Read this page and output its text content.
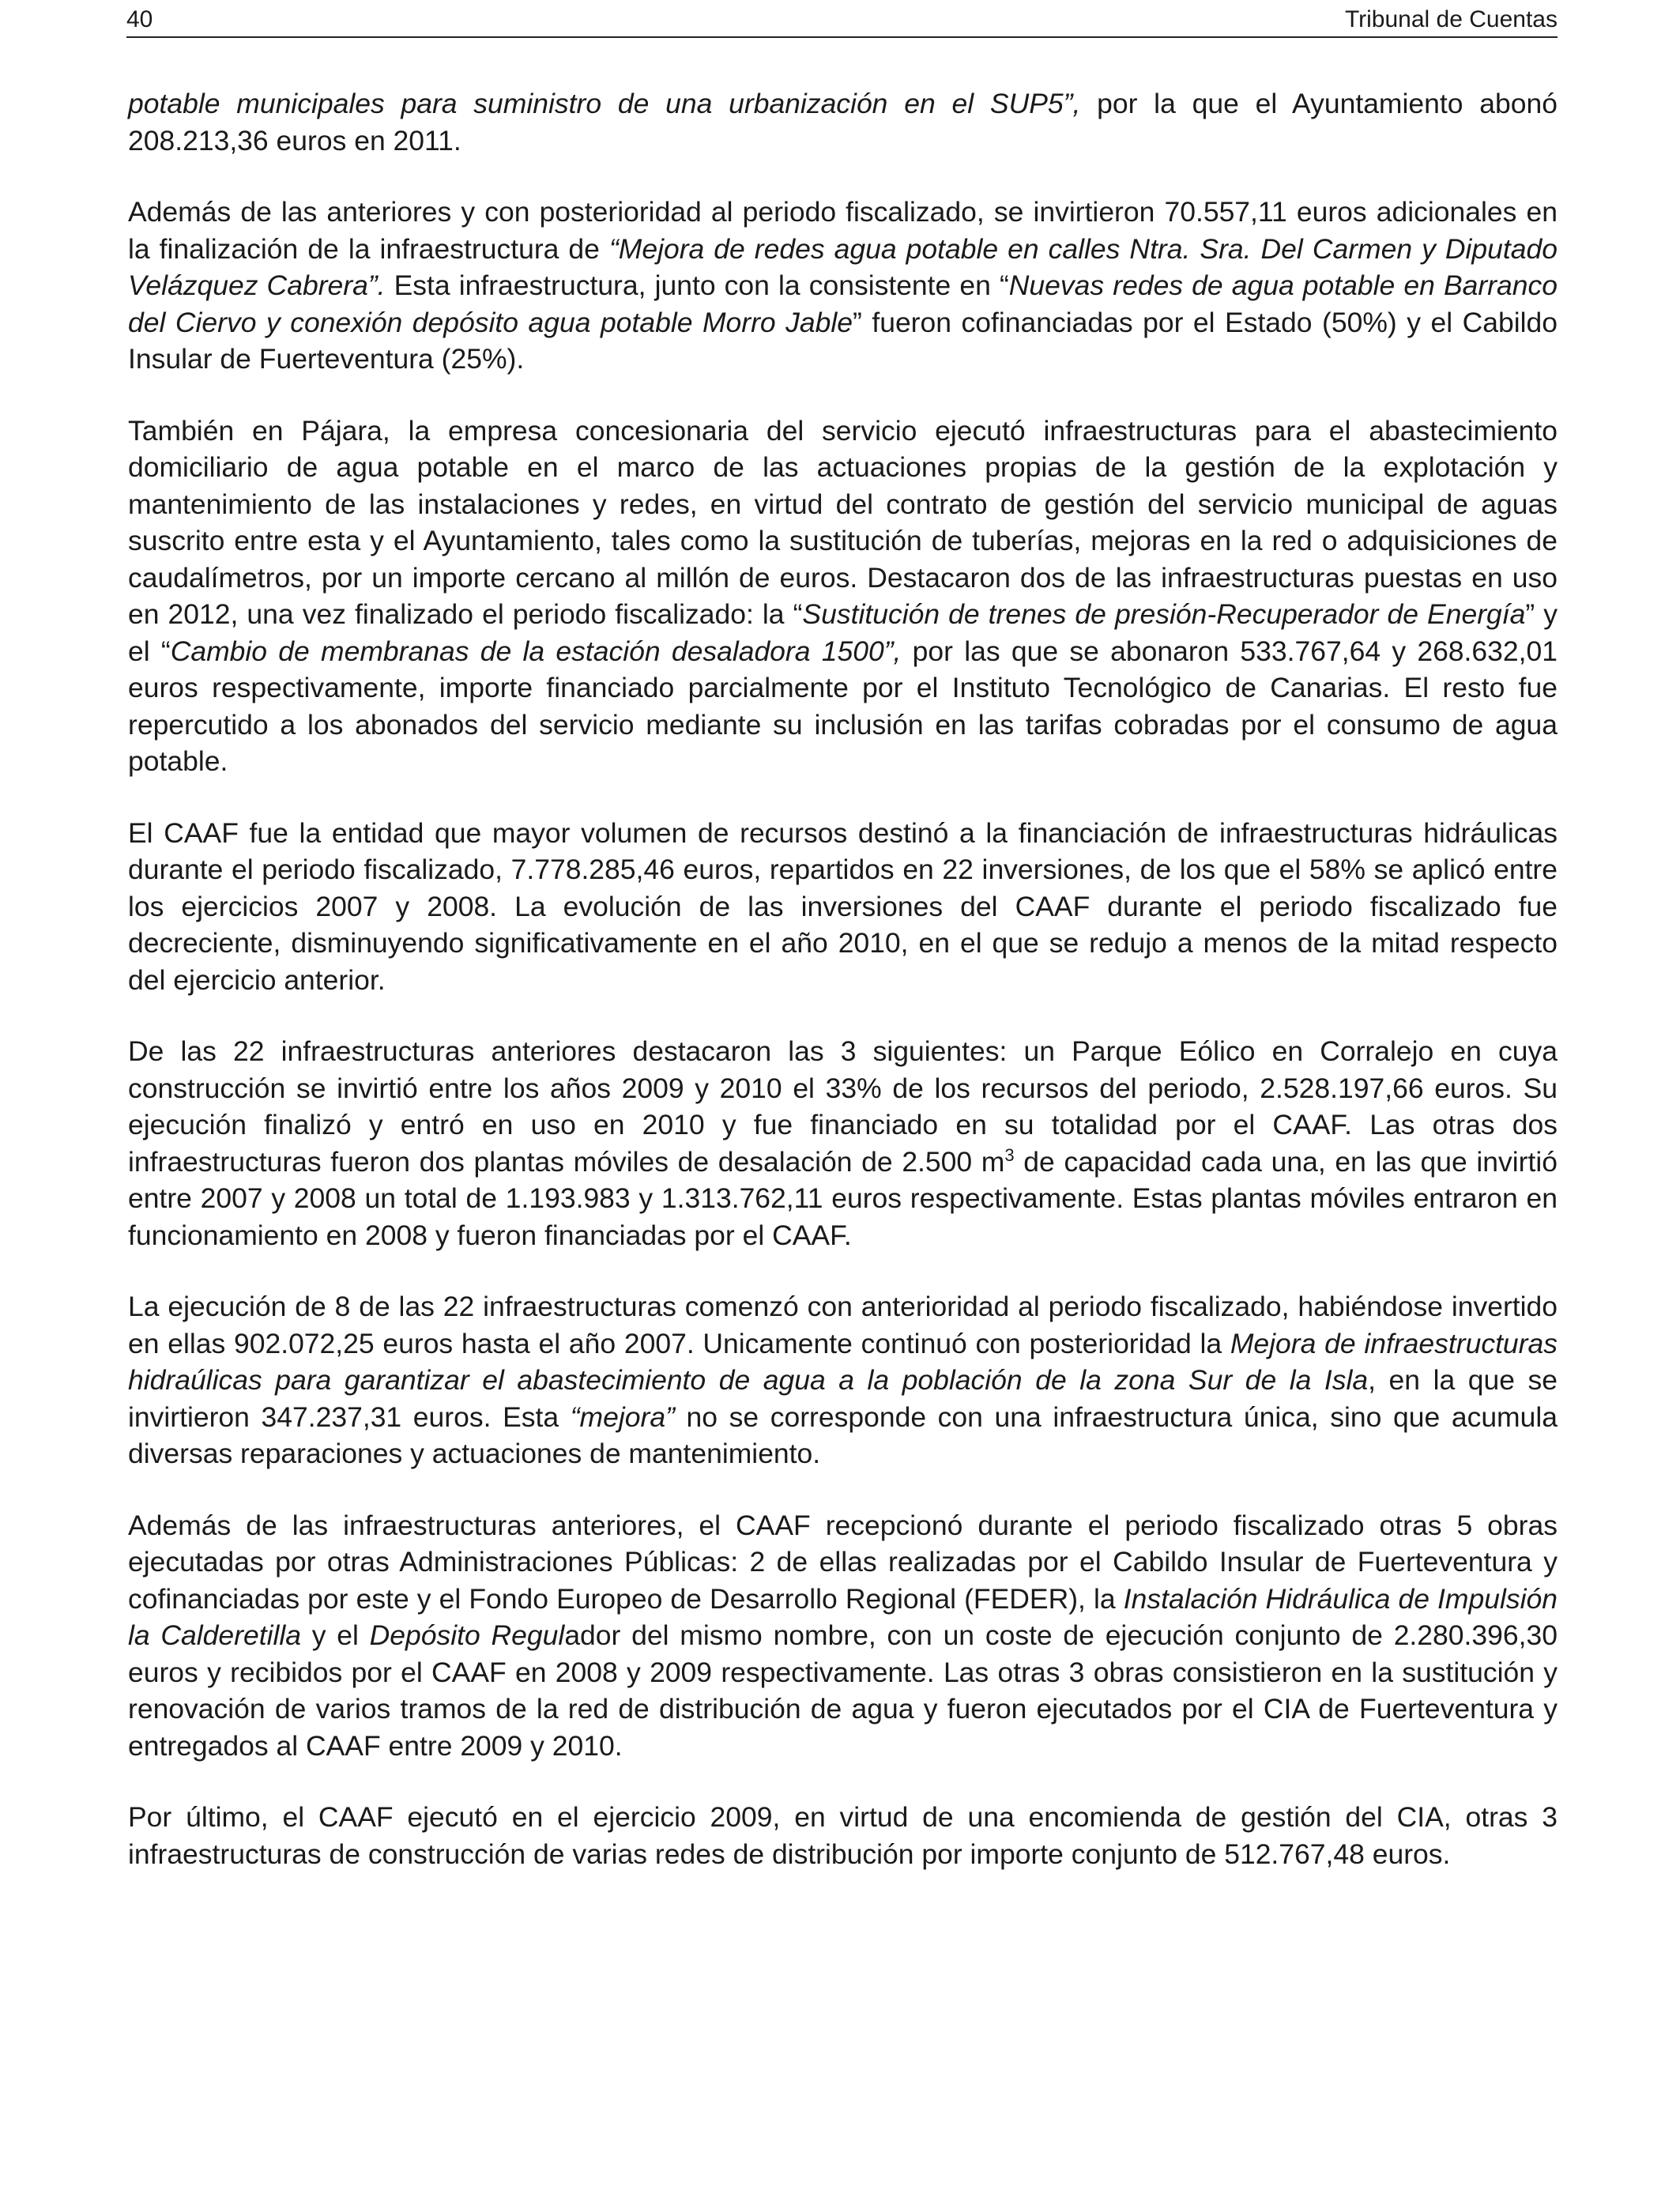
40	Tribunal de Cuentas

potable municipales para suministro de una urbanización en el SUP5”, por la que el Ayuntamiento abonó 208.213,36 euros en 2011.

Además de las anteriores y con posterioridad al periodo fiscalizado, se invirtieron 70.557,11 euros adicionales en la finalización de la infraestructura de “Mejora de redes agua potable en calles Ntra. Sra. Del Carmen y Diputado Velázquez Cabrera”. Esta infraestructura, junto con la consistente en “Nuevas redes de agua potable en Barranco del Ciervo y conexión depósito agua potable Morro Jable” fueron cofinanciadas por el Estado (50%) y el Cabildo Insular de Fuerteventura (25%).

También en Pájara, la empresa concesionaria del servicio ejecutó infraestructuras para el abastecimiento domiciliario de agua potable en el marco de las actuaciones propias de la gestión de la explotación y mantenimiento de las instalaciones y redes, en virtud del contrato de gestión del servicio municipal de aguas suscrito entre esta y el Ayuntamiento, tales como la sustitución de tuberías, mejoras en la red o adquisiciones de caudalímetros, por un importe cercano al millón de euros. Destacaron dos de las infraestructuras puestas en uso en 2012, una vez finalizado el periodo fiscalizado: la “Sustitución de trenes de presión-Recuperador de Energía” y el “Cambio de membranas de la estación desaladora 1500”, por las que se abonaron 533.767,64 y 268.632,01 euros respectivamente, importe financiado parcialmente por el Instituto Tecnológico de Canarias. El resto fue repercutido a los abonados del servicio mediante su inclusión en las tarifas cobradas por el consumo de agua potable.

El CAAF fue la entidad que mayor volumen de recursos destinó a la financiación de infraestructuras hidráulicas durante el periodo fiscalizado, 7.778.285,46 euros, repartidos en 22 inversiones, de los que el 58% se aplicó entre los ejercicios 2007 y 2008. La evolución de las inversiones del CAAF durante el periodo fiscalizado fue decreciente, disminuyendo significativamente en el año 2010, en el que se redujo a menos de la mitad respecto del ejercicio anterior.

De las 22 infraestructuras anteriores destacaron las 3 siguientes: un Parque Eólico en Corralejo en cuya construcción se invirtió entre los años 2009 y 2010 el 33% de los recursos del periodo, 2.528.197,66 euros. Su ejecución finalizó y entró en uso en 2010 y fue financiado en su totalidad por el CAAF. Las otras dos infraestructuras fueron dos plantas móviles de desalación de 2.500 $m^3$ de capacidad cada una, en las que invirtió entre 2007 y 2008 un total de 1.193.983 y 1.313.762,11 euros respectivamente. Estas plantas móviles entraron en funcionamiento en 2008 y fueron financiadas por el CAAF.

La ejecución de 8 de las 22 infraestructuras comenzó con anterioridad al periodo fiscalizado, habiéndose invertido en ellas 902.072,25 euros hasta el año 2007. Unicamente continuó con posterioridad la Mejora de infraestructuras hidraúlicas para garantizar el abastecimiento de agua a la población de la zona Sur de la Isla, en la que se invirtieron 347.237,31 euros. Esta “mejora” no se corresponde con una infraestructura única, sino que acumula diversas reparaciones y actuaciones de mantenimiento.

Además de las infraestructuras anteriores, el CAAF recepcionó durante el periodo fiscalizado otras 5 obras ejecutadas por otras Administraciones Públicas: 2 de ellas realizadas por el Cabildo Insular de Fuerteventura y cofinanciadas por este y el Fondo Europeo de Desarrollo Regional (FEDER), la Instalación Hidráulica de Impulsión la Calderetilla y el Depósito Regulador del mismo nombre, con un coste de ejecución conjunto de 2.280.396,30 euros y recibidos por el CAAF en 2008 y 2009 respectivamente. Las otras 3 obras consistieron en la sustitución y renovación de varios tramos de la red de distribución de agua y fueron ejecutados por el CIA de Fuerteventura y entregados al CAAF entre 2009 y 2010.

Por último, el CAAF ejecutó en el ejercicio 2009, en virtud de una encomienda de gestión del CIA, otras 3 infraestructuras de construcción de varias redes de distribución por importe conjunto de 512.767,48 euros.
